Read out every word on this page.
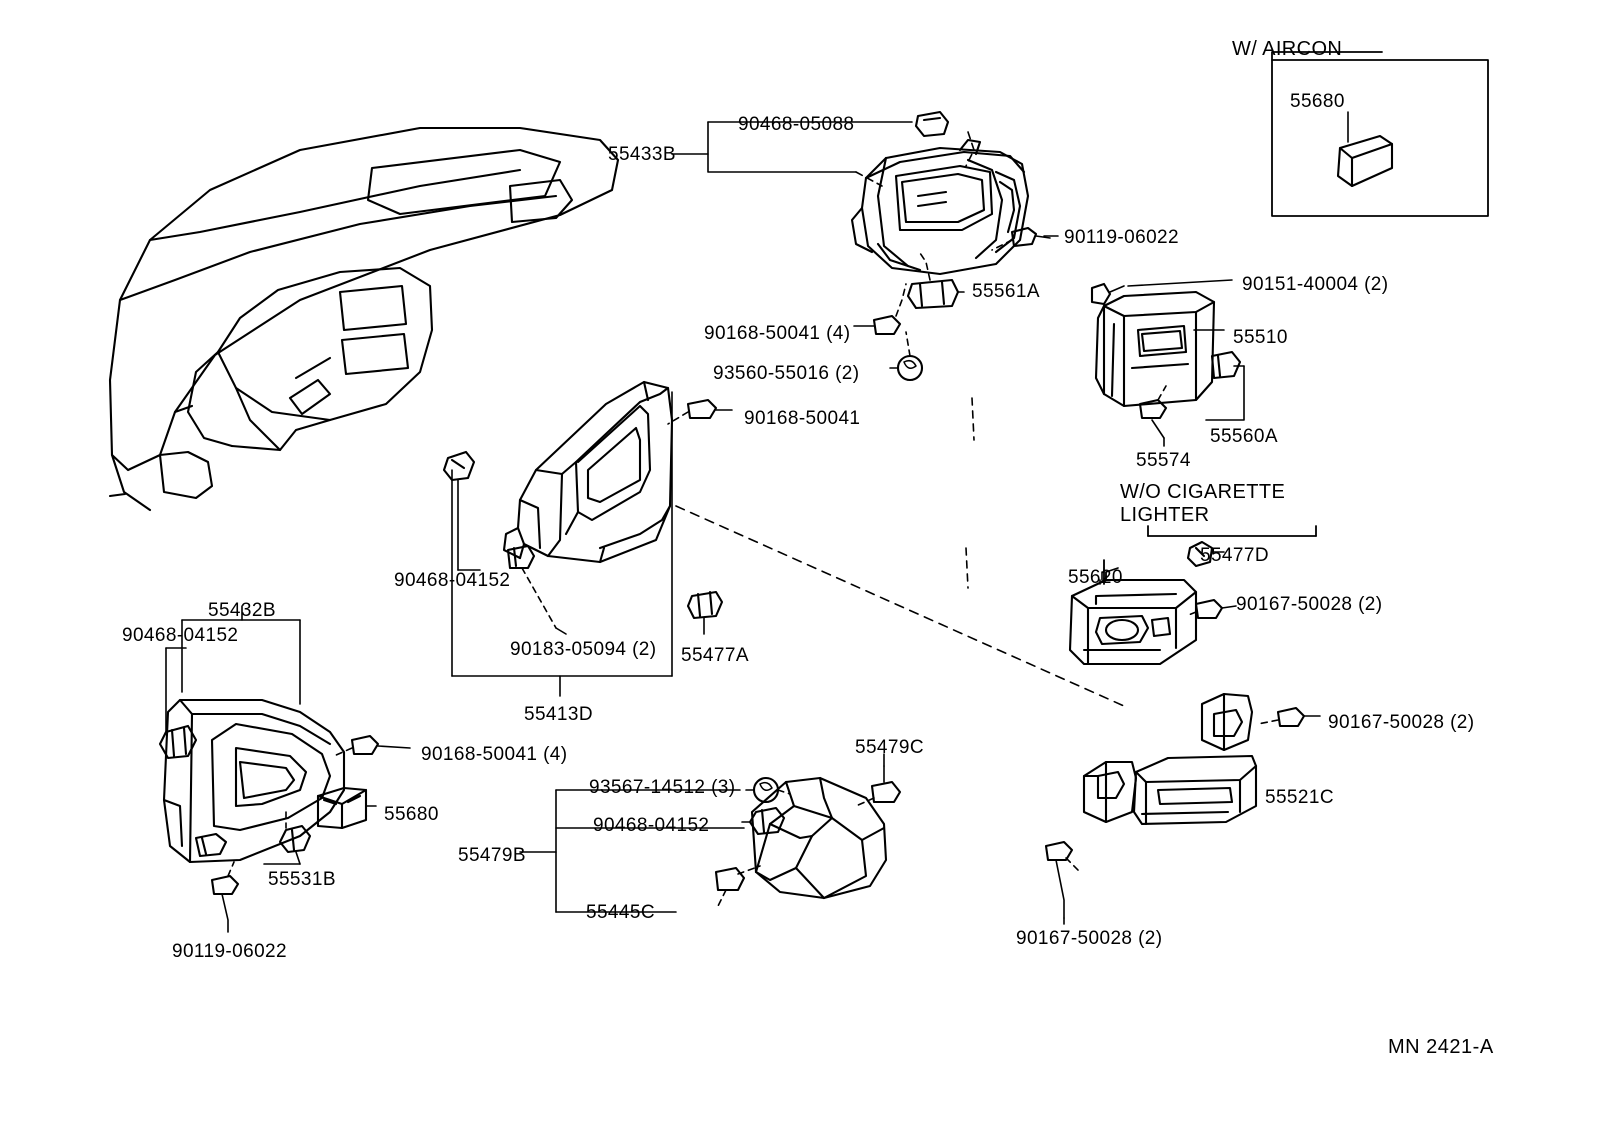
90468-05088
55433B
90119-06022
55561A
90168-50041 (4)
93560-55016 (2)
90168-50041
90151-40004 (2)
55510
55560A
55574
55680
55477D
55620
90167-50028 (2)
90468-04152
90183-05094 (2) 55477A
55413D
55432B
90468-04152
90168-50041 (4)
55680
55531B
90119-06022
55479C
93567-14512 (3)
90468-04152
55479B
55445C
90167-50028 (2)
55521C
90167-50028 (2)
W/ AIRCON
W/O CIGARETTE
LIGHTER
MN 2421-A
